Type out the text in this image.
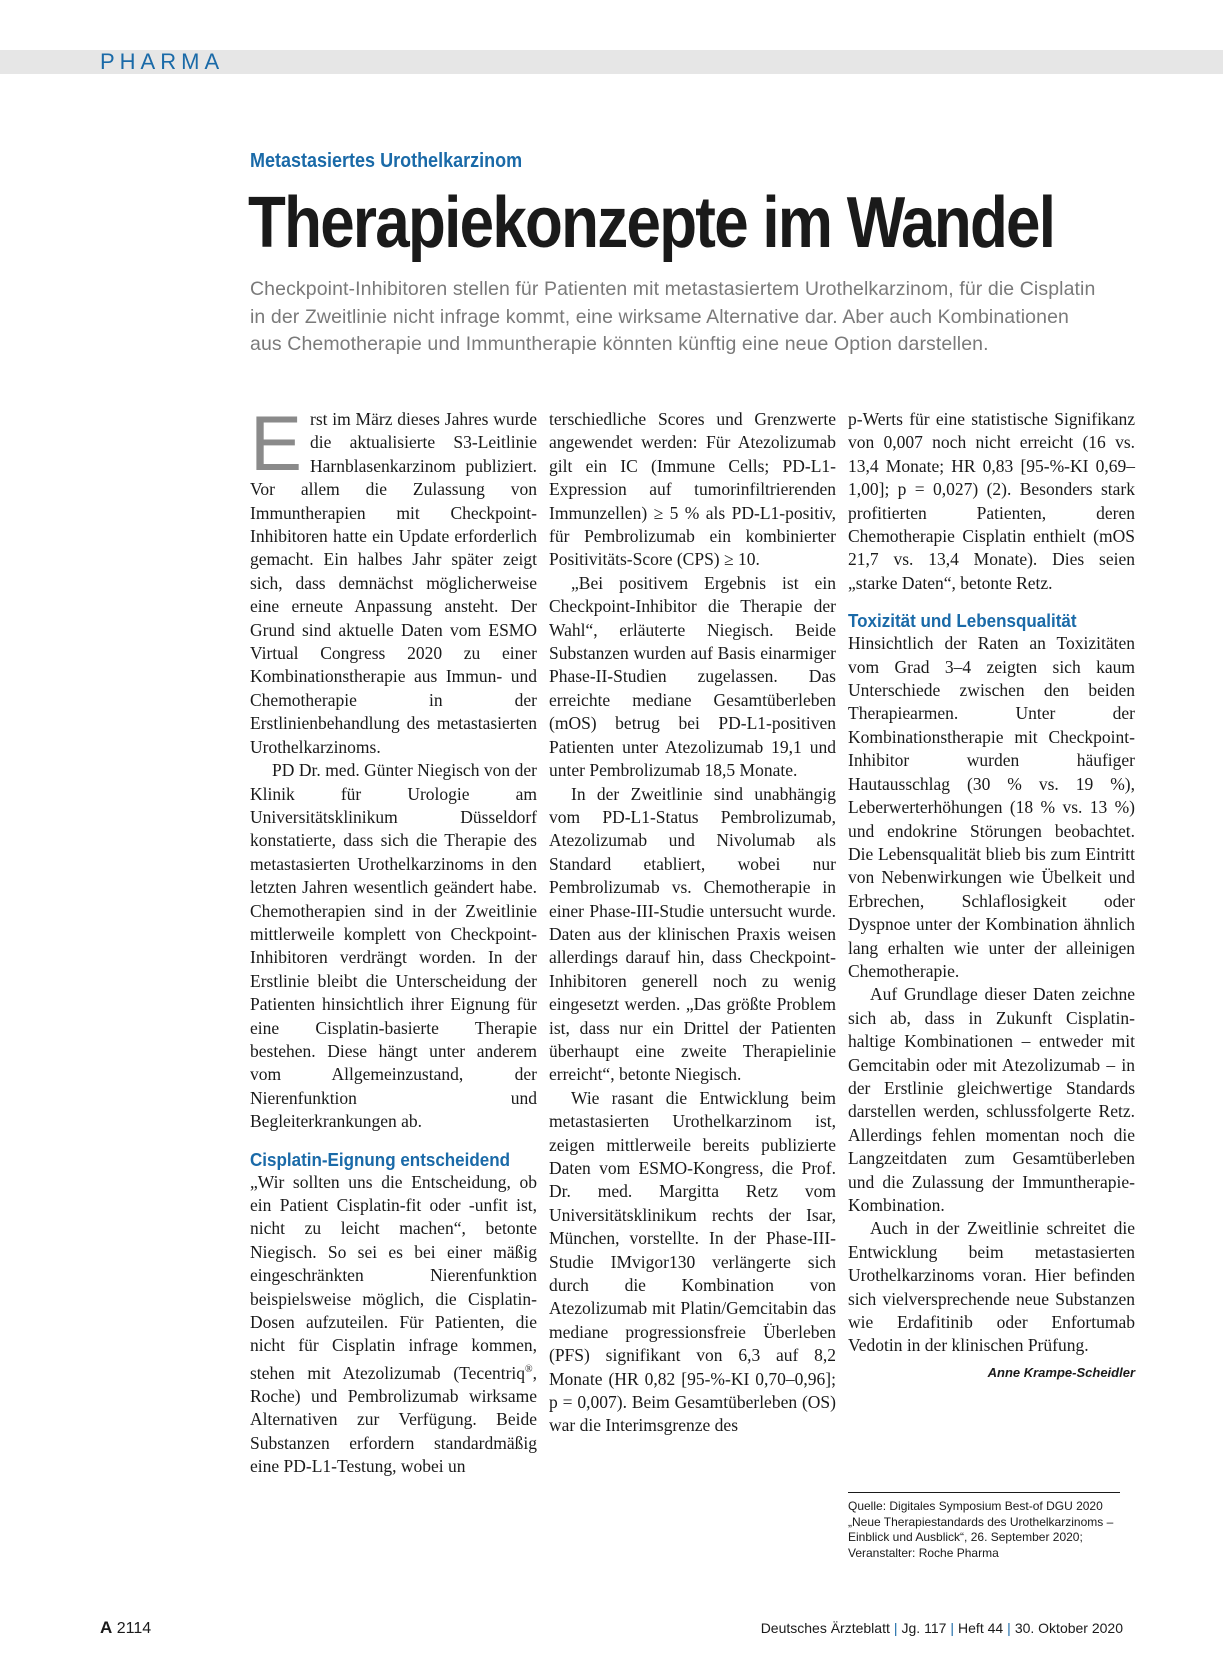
PHARMA
Metastasiertes Urothelkarzinom
Therapiekonzepte im Wandel
Checkpoint-Inhibitoren stellen für Patienten mit metastasiertem Urothelkarzinom, für die Cisplatin
in der Zweitlinie nicht infrage kommt, eine wirksame Alternative dar. Aber auch Kombinationen
aus Chemotherapie und Immuntherapie könnten künftig eine neue Option darstellen.
E rst im März dieses Jahres wurde die aktualisierte S3-Leitlinie Harnblasenkarzinom publiziert. Vor allem die Zulassung von Immuntherapien mit Checkpoint-Inhibitoren hatte ein Update erforderlich gemacht. Ein halbes Jahr später zeigt sich, dass demnächst möglicherweise eine erneute Anpassung ansteht. Der Grund sind aktuelle Daten vom ESMO Virtual Congress 2020 zu einer Kombinationstherapie aus Immun- und Chemotherapie in der Erstlinienbehandlung des metastasierten Urothelkarzinoms.

PD Dr. med. Günter Niegisch von der Klinik für Urologie am Universitätsklinikum Düsseldorf konstatierte, dass sich die Therapie des metastasierten Urothelkarzinoms in den letzten Jahren wesentlich geändert habe. Chemotherapien sind in der Zweitlinie mittlerweile komplett von Checkpoint-Inhibitoren verdrängt worden. In der Erstlinie bleibt die Unterscheidung der Patienten hinsichtlich ihrer Eignung für eine Cisplatin-basierte Therapie bestehen. Diese hängt unter anderem vom Allgemeinzustand, der Nierenfunktion und Begleiterkrankungen ab.

Cisplatin-Eignung entscheidend

„Wir sollten uns die Entscheidung, ob ein Patient Cisplatin-fit oder -unfit ist, nicht zu leicht machen“, betonte Niegisch. So sei es bei einer mäßig eingeschränkten Nierenfunktion beispielsweise möglich, die Cisplatin-Dosen aufzuteilen. Für Patienten, die nicht für Cisplatin infrage kommen, stehen mit Atezolizumab (Tecentriq®, Roche) und Pembrolizumab wirksame Alternativen zur Verfügung. Beide Substanzen erfordern standardmäßig eine PD-L1-Testung, wobei un

terschiedliche Scores und Grenzwerte angewendet werden: Für Atezolizumab gilt ein IC (Immune Cells; PD-L1-Expression auf tumorinfiltrierenden Immunzellen) ≥ 5 % als PD-L1-positiv, für Pembrolizumab ein kombinierter Positivitäts-Score (CPS) ≥ 10.

„Bei positivem Ergebnis ist ein Checkpoint-Inhibitor die Therapie der Wahl“, erläuterte Niegisch. Beide Substanzen wurden auf Basis einarmiger Phase-II-Studien zugelassen. Das erreichte mediane Gesamtüberleben (mOS) betrug bei PD-L1-positiven Patienten unter Atezolizumab 19,1 und unter Pembrolizumab 18,5 Monate.

In der Zweitlinie sind unabhängig vom PD-L1-Status Pembrolizumab, Atezolizumab und Nivolumab als Standard etabliert, wobei nur Pembrolizumab vs. Chemotherapie in einer Phase-III-Studie untersucht wurde. Daten aus der klinischen Praxis weisen allerdings darauf hin, dass Checkpoint-Inhibitoren generell noch zu wenig eingesetzt werden. „Das größte Problem ist, dass nur ein Drittel der Patienten überhaupt eine zweite Therapielinie erreicht“, betonte Niegisch.

Wie rasant die Entwicklung beim metastasierten Urothelkarzinom ist, zeigen mittlerweile bereits publizierte Daten vom ESMO-Kongress, die Prof. Dr. med. Margitta Retz vom Universitätsklinikum rechts der Isar, München, vorstellte. In der Phase-III-Studie IMvigor130 verlängerte sich durch die Kombination von Atezolizumab mit Platin/Gemcitabin das mediane progressionsfreie Überleben (PFS) signifikant von 6,3 auf 8,2 Monate (HR 0,82 [95-%-KI 0,70–0,96]; p = 0,007). Beim Gesamtüberleben (OS) war die Interimsgrenze des

p-Werts für eine statistische Signifikanz von 0,007 noch nicht erreicht (16 vs. 13,4 Monate; HR 0,83 [95-%-KI 0,69–1,00]; p = 0,027) (2). Besonders stark profitierten Patienten, deren Chemotherapie Cisplatin enthielt (mOS 21,7 vs. 13,4 Monate). Dies seien „starke Daten“, betonte Retz.

Toxizität und Lebensqualität

Hinsichtlich der Raten an Toxizitäten vom Grad 3–4 zeigten sich kaum Unterschiede zwischen den beiden Therapiearmen. Unter der Kombinationstherapie mit Checkpoint-Inhibitor wurden häufiger Hautausschlag (30 % vs. 19 %), Leberwerterhöhungen (18 % vs. 13 %) und endokrine Störungen beobachtet. Die Lebensqualität blieb bis zum Eintritt von Nebenwirkungen wie Übelkeit und Erbrechen, Schlaflosigkeit oder Dyspnoe unter der Kombination ähnlich lang erhalten wie unter der alleinigen Chemotherapie.

Auf Grundlage dieser Daten zeichne sich ab, dass in Zukunft Cisplatin-haltige Kombinationen – entweder mit Gemcitabin oder mit Atezolizumab – in der Erstlinie gleichwertige Standards darstellen werden, schlussfolgerte Retz. Allerdings fehlen momentan noch die Langzeitdaten zum Gesamtüberleben und die Zulassung der Immuntherapie-Kombination.

Auch in der Zweitlinie schreitet die Entwicklung beim metastasierten Urothelkarzinoms voran. Hier befinden sich vielversprechende neue Substanzen wie Erdafitinib oder Enfortumab Vedotin in der klinischen Prüfung.
Anne Krampe-Scheidler

Quelle: Digitales Symposium Best-of DGU 2020
„Neue Therapiestandards des Urothelkarzinoms –
Einblick und Ausblick“, 26. September 2020;
Veranstalter: Roche Pharma
A 2114	Deutsches Ärzteblatt | Jg. 117 | Heft 44 | 30. Oktober 2020
